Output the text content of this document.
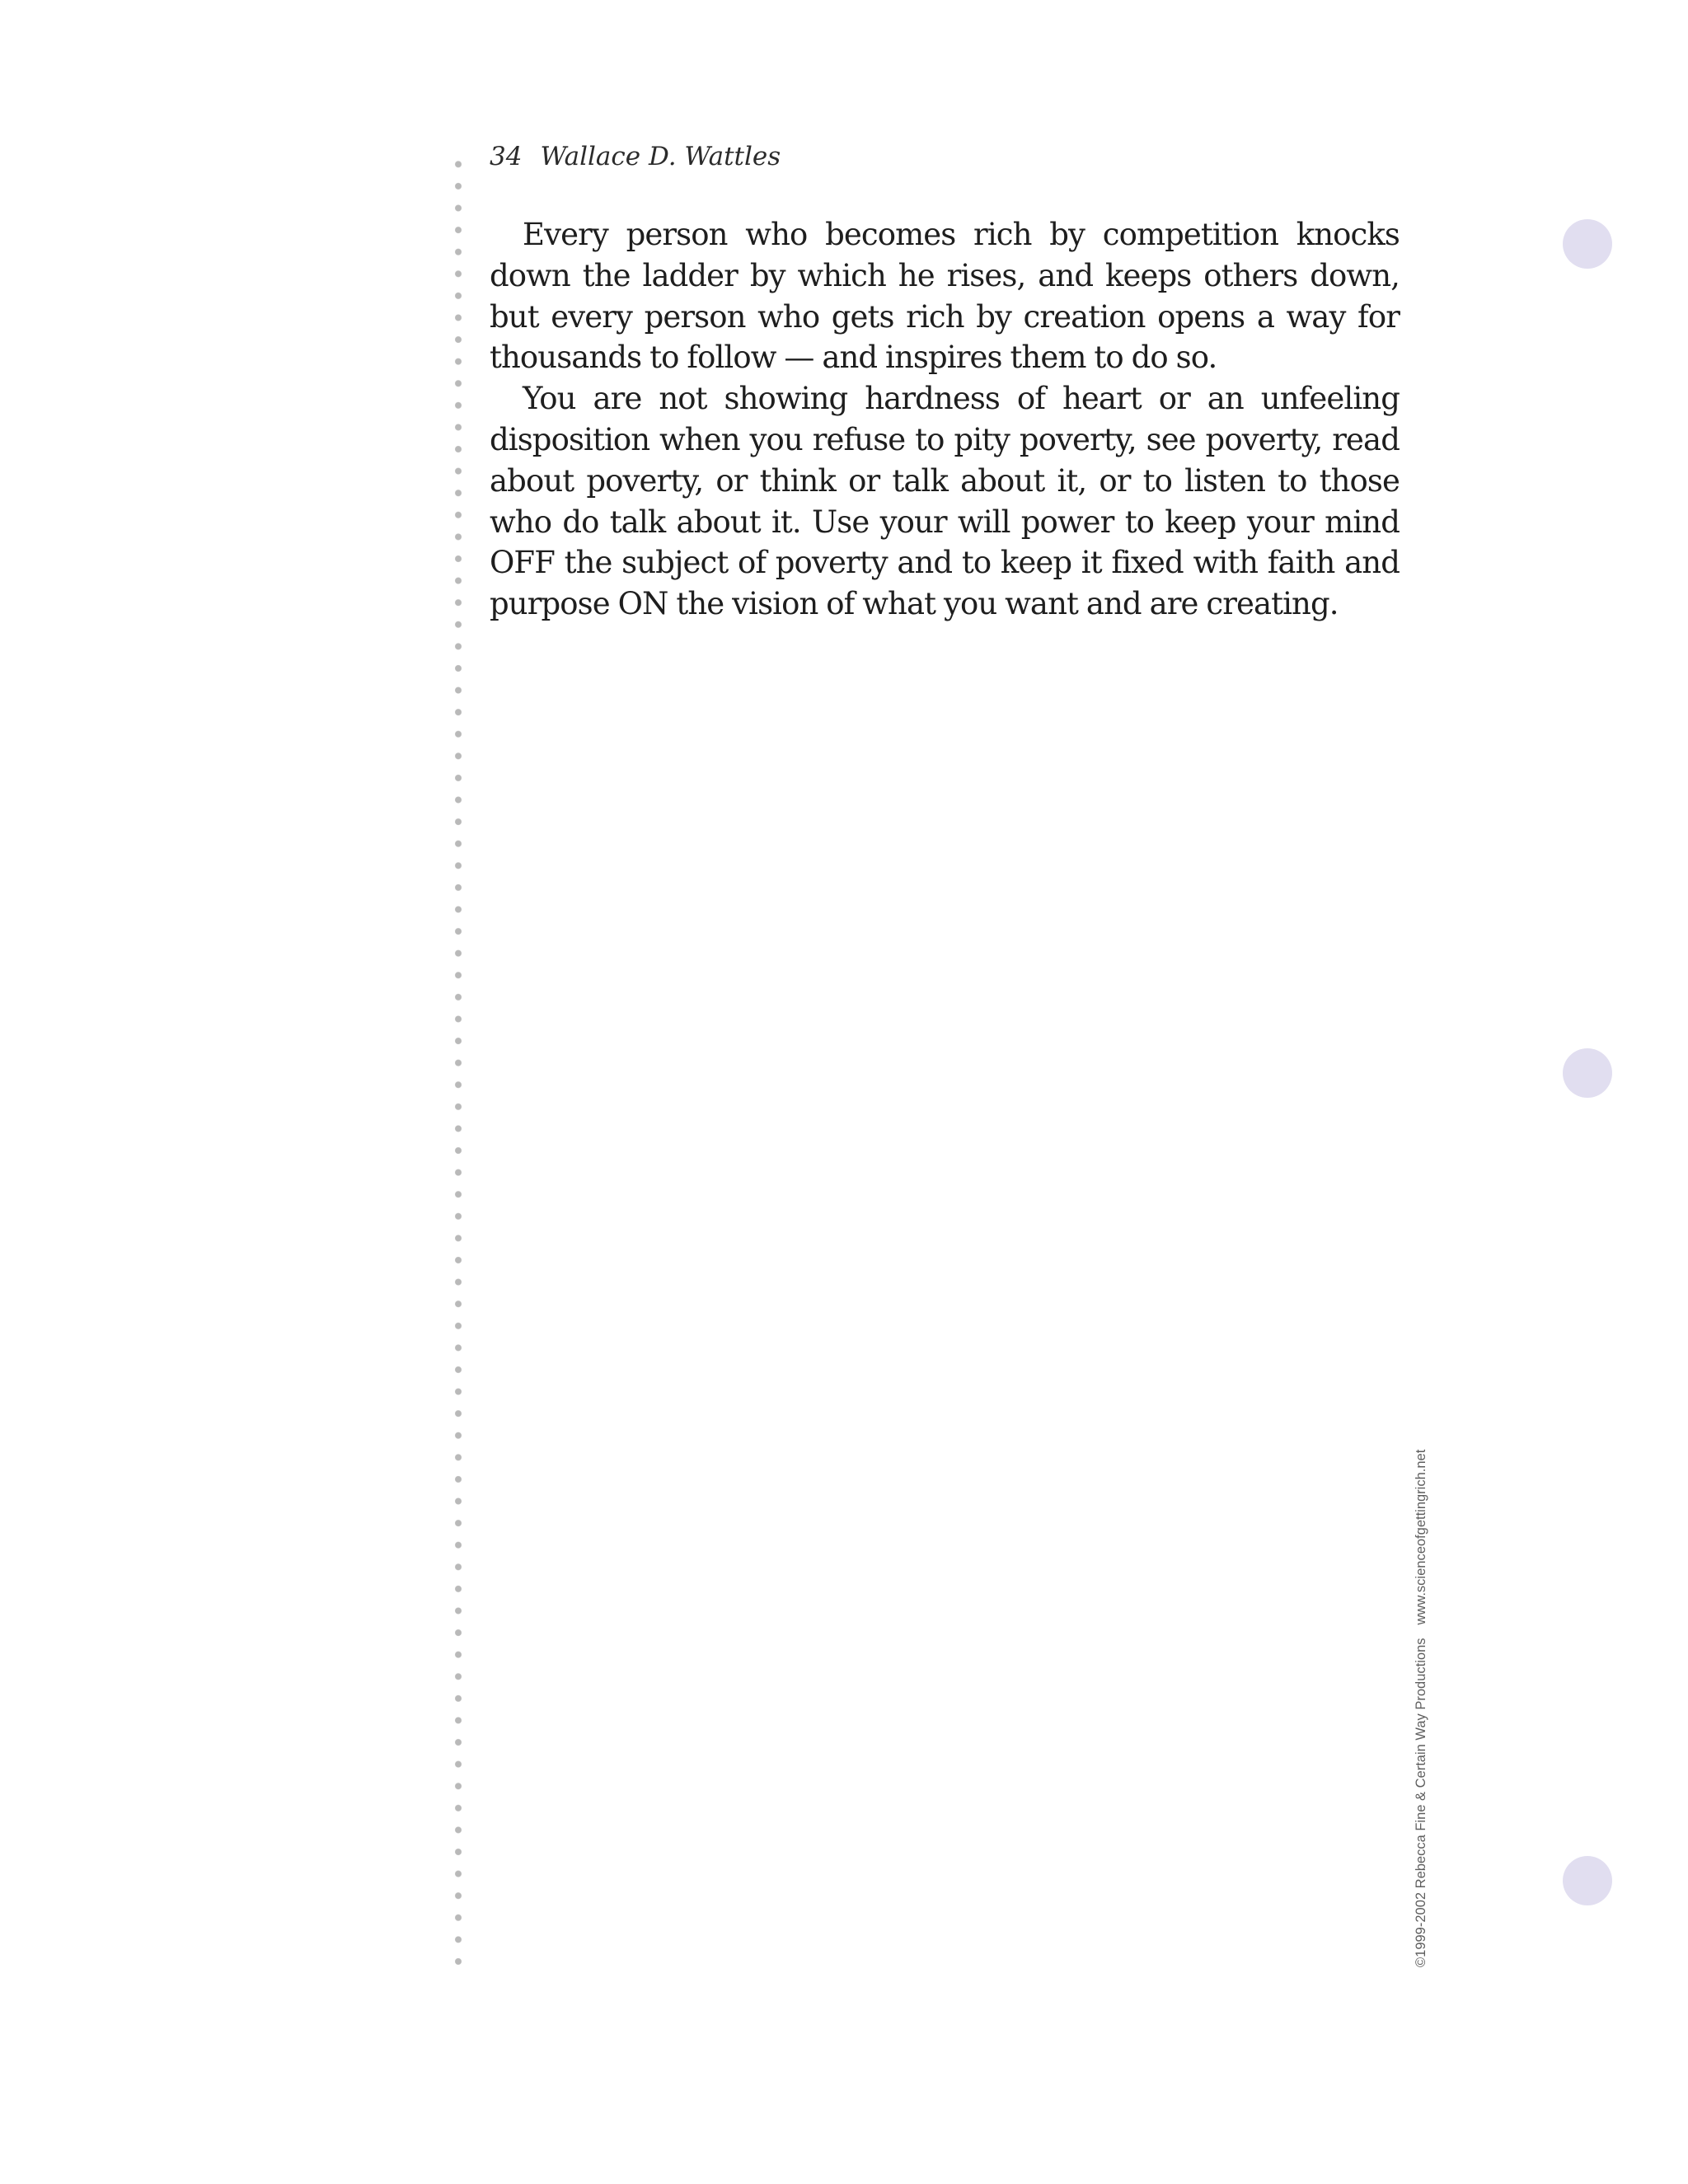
34 Wallace D. Wattles

Every person who becomes rich by competition knocks down the ladder by which he rises, and keeps others down, but every person who gets rich by creation opens a way for thousands to follow — and inspires them to do so.

You are not showing hardness of heart or an unfeeling disposition when you refuse to pity poverty, see poverty, read about poverty, or think or talk about it, or to listen to those who do talk about it. Use your will power to keep your mind OFF the subject of poverty and to keep it fixed with faith and purpose ON the vision of what you want and are creating.

©1999-2002 Rebecca Fine & Certain Way Productionswww.scienceofgettingrich.net
